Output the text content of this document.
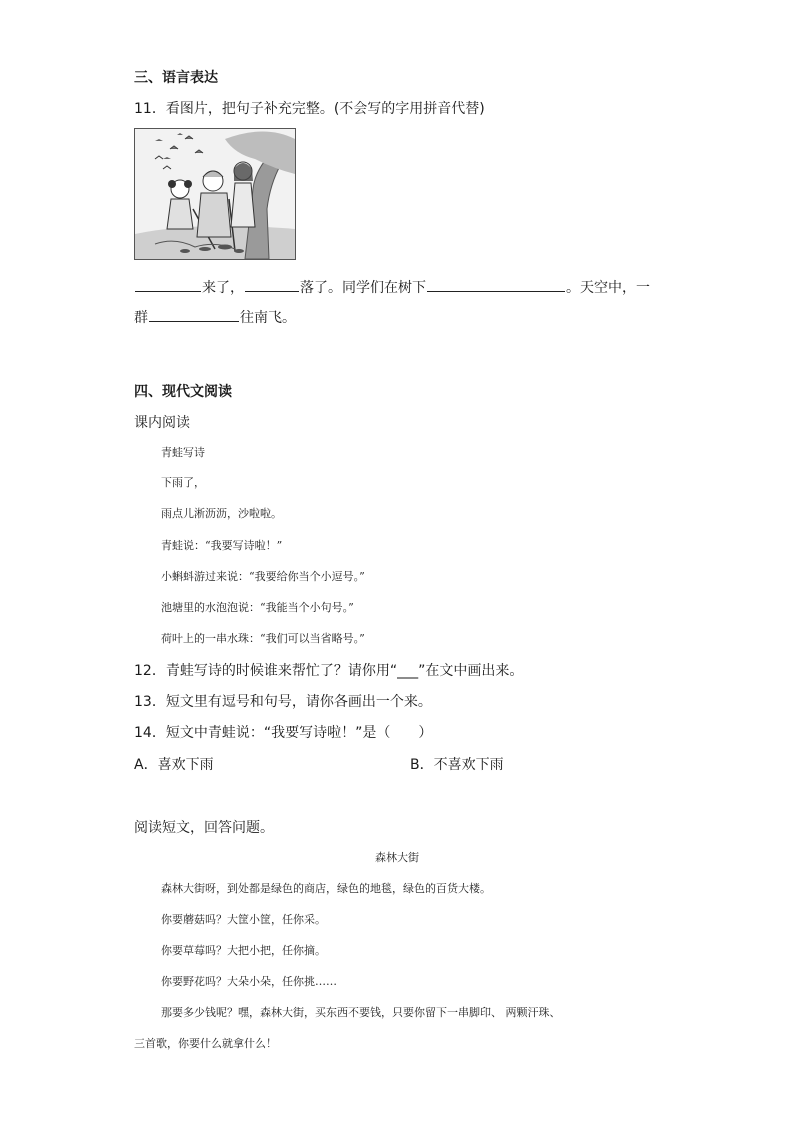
三、语言表达
11．看图片，把句子补充完整。(不会写的字用拼音代替)
来了，	落了。同学们在树下	。天空中，一
群	往南飞。
四、现代文阅读
课内阅读
青蛙写诗
下雨了，
雨点儿淅沥沥，沙啦啦。
青蛙说：“我要写诗啦！”
小蝌蚪游过来说：“我要给你当个小逗号。”
池塘里的水泡泡说：“我能当个小句号。”
荷叶上的一串水珠：“我们可以当省略号。”
12．青蛙写诗的时候谁来帮忙了？请你用“___”在文中画出来。
13．短文里有逗号和句号，请你各画出一个来。
14．短文中青蛙说：“我要写诗啦！”是（　　）
A．喜欢下雨	B．不喜欢下雨
阅读短文，回答问题。
森林大街
森林大街呀，到处都是绿色的商店，绿色的地毯，绿色的百货大楼。
你要蘑菇吗？大筐小筐，任你采。
你要草莓吗？大把小把，任你摘。
你要野花吗？大朵小朵，任你挑……
那要多少钱呢？嘿，森林大街，买东西不要钱，只要你留下一串脚印、 两颗汗珠、
三首歌，你要什么就拿什么！
